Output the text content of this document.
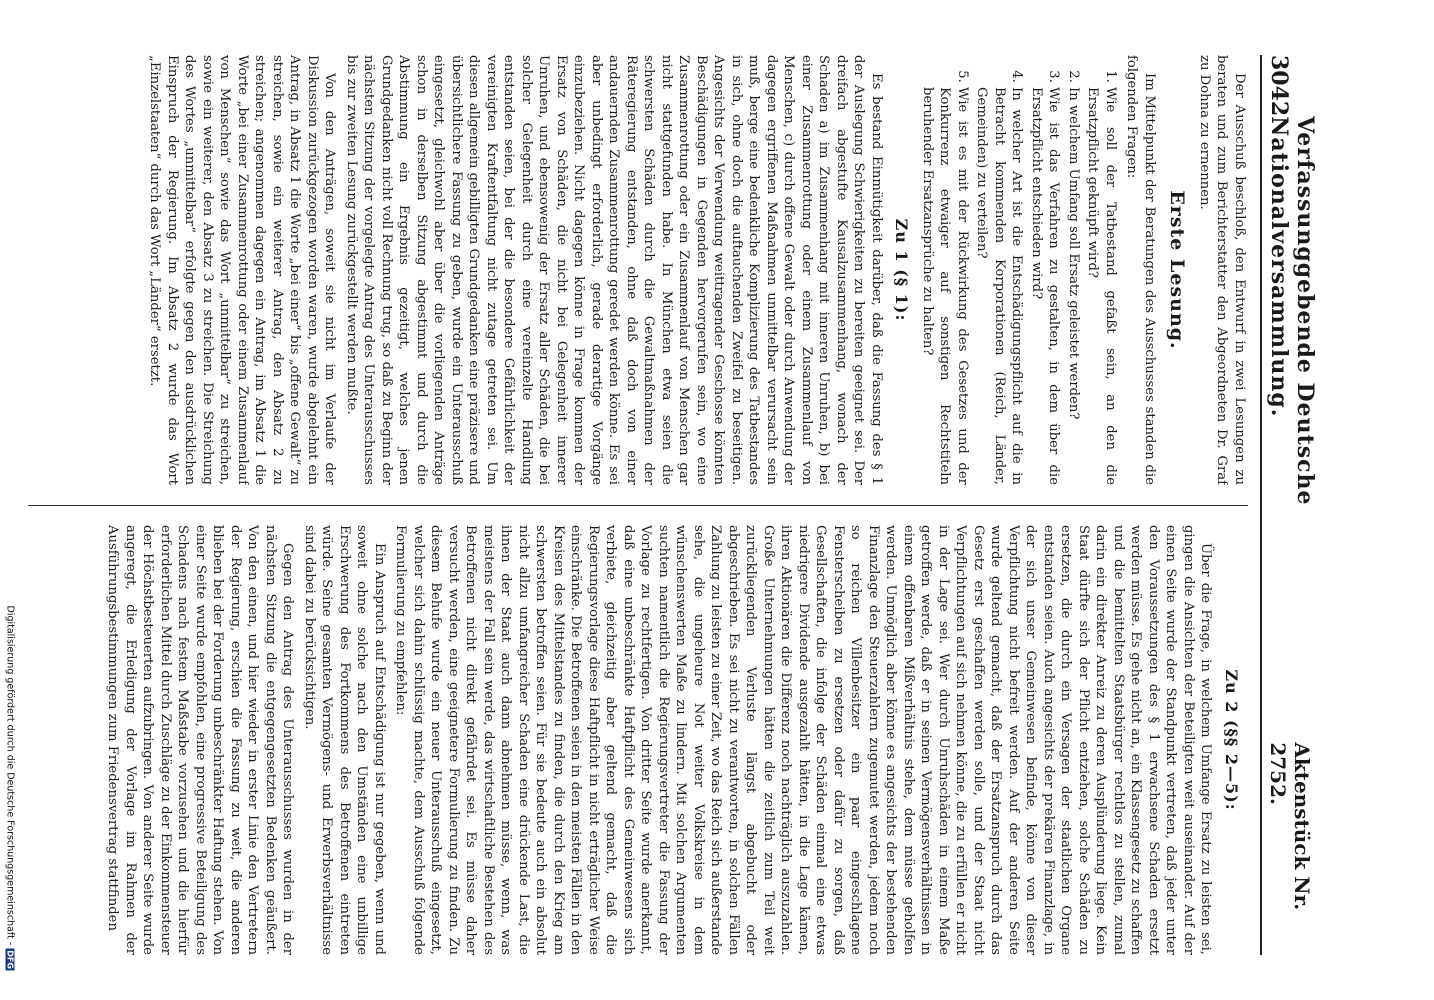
3042
Verfassunggebende Deutsche Nationalversammlung.
Aktenstück Nr. 2752.

Der Ausschuß beschloß, den Entwurf in zwei Lesungen zu beraten und zum Berichterstatter den Abgeordneten Dr. Graf zu Dohna zu ernennen.

Erste Lesung.

Im Mittelpunkt der Beratungen des Ausschusses standen die folgenden Fragen:

1. Wie soll der Tatbestand gefaßt sein, an den die Ersatzpflicht geknüpft wird?
2. In welchem Umfang soll Ersatz geleistet werden?
3. Wie ist das Verfahren zu gestalten, in dem über die Ersatzpflicht entschieden wird?
4. In welcher Art ist die Entschädigungspflicht auf die in Betracht kommenden Korporationen (Reich, Länder, Gemeinden) zu verteilen?
5. Wie ist es mit der Rückwirkung des Gesetzes und der Konkurrenz etwaiger auf sonstigen Rechtstiteln beruhender Ersatzansprüche zu halten?
Zu 1 (§ 1):

Es bestand Einmütigkeit darüber, daß die Fassung des § 1 der Auslegung Schwierigkeiten zu bereiten geeignet sei. Der dreifach abgestufte Kausalzusammenhang, wonach der Schaden a) im Zusammenhang mit inneren Unruhen, b) bei einer Zusammenrottung oder einem Zusammenlauf von Menschen, c) durch offene Gewalt oder durch Anwendung der dagegen ergriffenen Maßnahmen unmittelbar verursacht sein muß, berge eine bedenkliche Komplizierung des Tatbestandes in sich, ohne doch die auftauchenden Zweifel zu beseitigen. Angesichts der Verwendung weittragender Geschosse könnten Beschädigungen in Gegenden hervorgerufen sein, wo eine Zusammenrottung oder ein Zusammenlauf von Menschen gar nicht stattgefunden habe. In München etwa seien die schwersten Schäden durch die Gewaltmaßnahmen der Räteregierung entstanden, ohne daß doch von einer andauernden Zusammenrottung geredet werden könne. Es sei aber unbedingt erforderlich, gerade derartige Vorgänge einzubeziehen. Nicht dagegen könne in Frage kommen der Ersatz von Schäden, die nicht bei Gelegenheit innerer Unruhen, und ebensowenig der Ersatz aller Schäden, die bei solcher Gelegenheit durch eine vereinzelte Handlung entstanden seien, bei der die besondere Gefährlichkeit der vereinigten Kraftentfaltung nicht zutage getreten sei. Um diesen allgemein gebilligten Grundgedanken eine präzisere und übersichtlichere Fassung zu geben, wurde ein Unterausschuß eingesetzt, gleichwohl aber über die vorliegenden Anträge schon in derselben Sitzung abgestimmt und durch die Abstimmung ein Ergebnis gezeitigt, welches jenen Grundgedanken nicht voll Rechnung trug, so daß zu Beginn der nächsten Sitzung der vorgelegte Antrag des Unterausschusses bis zur zweiten Lesung zurückgestellt werden mußte.

Von den Anträgen, soweit sie nicht im Verlaufe der Diskussion zurückgezogen worden waren, wurde abgelehnt ein Antrag, in Absatz 1 die Worte „bei einer“ bis „offene Gewalt“ zu streichen, sowie ein weiterer Antrag, den Absatz 2 zu streichen; angenommen dagegen ein Antrag, im Absatz 1 die Worte „bei einer Zusammenrottung oder einem Zusammenlauf von Menschen“ sowie das Wort „unmittelbar“ zu streichen, sowie ein weiterer, den Absatz 3 zu streichen. Die Streichung des Wortes „unmittelbar“ erfolgte gegen den ausdrücklichen Einspruch der Regierung. Im Absatz 2 wurde das Wort „Einzelstaaten“ durch das Wort „Länder“ ersetzt.

Zu 2 (§§ 2—5):

Über die Frage, in welchem Umfange Ersatz zu leisten sei, gingen die Ansichten der Beteiligten weit auseinander. Auf der einen Seite wurde der Standpunkt vertreten, daß jeder unter den Voraussetzungen des § 1 erwachsene Schaden ersetzt werden müsse. Es gehe nicht an, ein Klassengesetz zu schaffen und die bemittelten Staatsbürger rechtlos zu stellen, zumal darin ein direkter Anreiz zu deren Ausplünderung liege. Kein Staat dürfte sich der Pflicht entziehen, solche Schäden zu ersetzen, die durch ein Versagen der staatlichen Organe entstanden seien. Auch angesichts der prekären Finanzlage, in der sich unser Gemeinwesen befinde, könne von dieser Verpflichtung nicht befreit werden. Auf der anderen Seite wurde geltend gemacht, daß der Ersatzanspruch durch das Gesetz erst geschaffen werden solle, und der Staat nicht Verpflichtungen auf sich nehmen könne, die zu erfüllen er nicht in der Lage sei. Wer durch Unruhschäden in einem Maße getroffen werde, daß er in seinen Vermögensverhältnissen in einem offenbaren Mißverhältnis stehe, dem müsse geholfen werden. Unmöglich aber könne es angesichts der bestehenden Finanzlage den Steuerzahlern zugemutet werden, jedem noch so reichen Villenbesitzer ein paar eingeschlagene Fensterscheiben zu ersetzen oder dafür zu sorgen, daß Gesellschaften, die infolge der Schäden einmal eine etwas niedrigere Dividende ausgezahlt hätten, in die Lage kämen, ihren Aktionären die Differenz noch nachträglich auszuzahlen. Große Unternehmungen hätten die zeitlich zum Teil weit zurückliegenden Verluste längst abgebucht oder abgeschrieben. Es sei nicht zu verantworten, in solchen Fällen Zahlung zu leisten zu einer Zeit, wo das Reich sich außerstande sehe, die ungeheure Not weiter Volkskreise in dem wünschenswerten Maße zu lindern. Mit solchen Argumenten suchten namentlich die Regierungsvertreter die Fassung der Vorlage zu rechtfertigen. Von dritter Seite wurde anerkannt, daß eine unbeschränkte Haftpflicht des Gemeinwesens sich verbiete, gleichzeitig aber geltend gemacht, daß die Regierungsvorlage diese Haftpflicht in nicht erträglicher Weise einschränke. Die Betroffenen seien in den meisten Fällen in den Kreisen des Mittelstandes zu finden, die durch den Krieg am schwersten betroffen seien. Für sie bedeute auch ein absolut nicht allzu umfangreicher Schaden eine drückende Last, die ihnen der Staat auch dann abnehmen müsse, wenn, was meistens der Fall sein werde, das wirtschaftliche Bestehen des Betroffenen nicht direkt gefährdet sei. Es müsse daher versucht werden, eine geeignetere Formulierung zu finden. Zu diesem Behufe wurde ein neuer Unterausschuß eingesetzt, welcher sich dahin schlüssig machte, dem Ausschuß folgende Formulierung zu empfehlen:

Ein Anspruch auf Entschädigung ist nur gegeben, wenn und soweit ohne solche nach den Umständen eine unbillige Erschwerung des Fortkommens des Betroffenen eintreten würde. Seine gesamten Vermögens- und Erwerbsverhältnisse sind dabei zu berücksichtigen.

Gegen den Antrag des Unterausschusses wurden in der nächsten Sitzung die entgegengesetzten Bedenken geäußert. Von den einen, und hier wieder in erster Linie den Vertretern der Regierung, erschien die Fassung zu weit, die anderen blieben bei der Forderung unbeschränkter Haftung stehen. Von einer Seite wurde empfohlen, eine progressive Beteiligung des Schadens nach festem Maßstabe vorzusehen und die hierfür erforderlichen Mittel durch Zuschläge zu der Einkommensteuer der Höchstbesteuerten aufzubringen. Von anderer Seite wurde angeregt, die Erledigung der Vorlage im Rahmen der Ausführungsbestimmungen zum Friedensvertrag stattfinden

Digitalisierung gefördert durch die Deutsche Forschungsgemeinschaft -DFG
